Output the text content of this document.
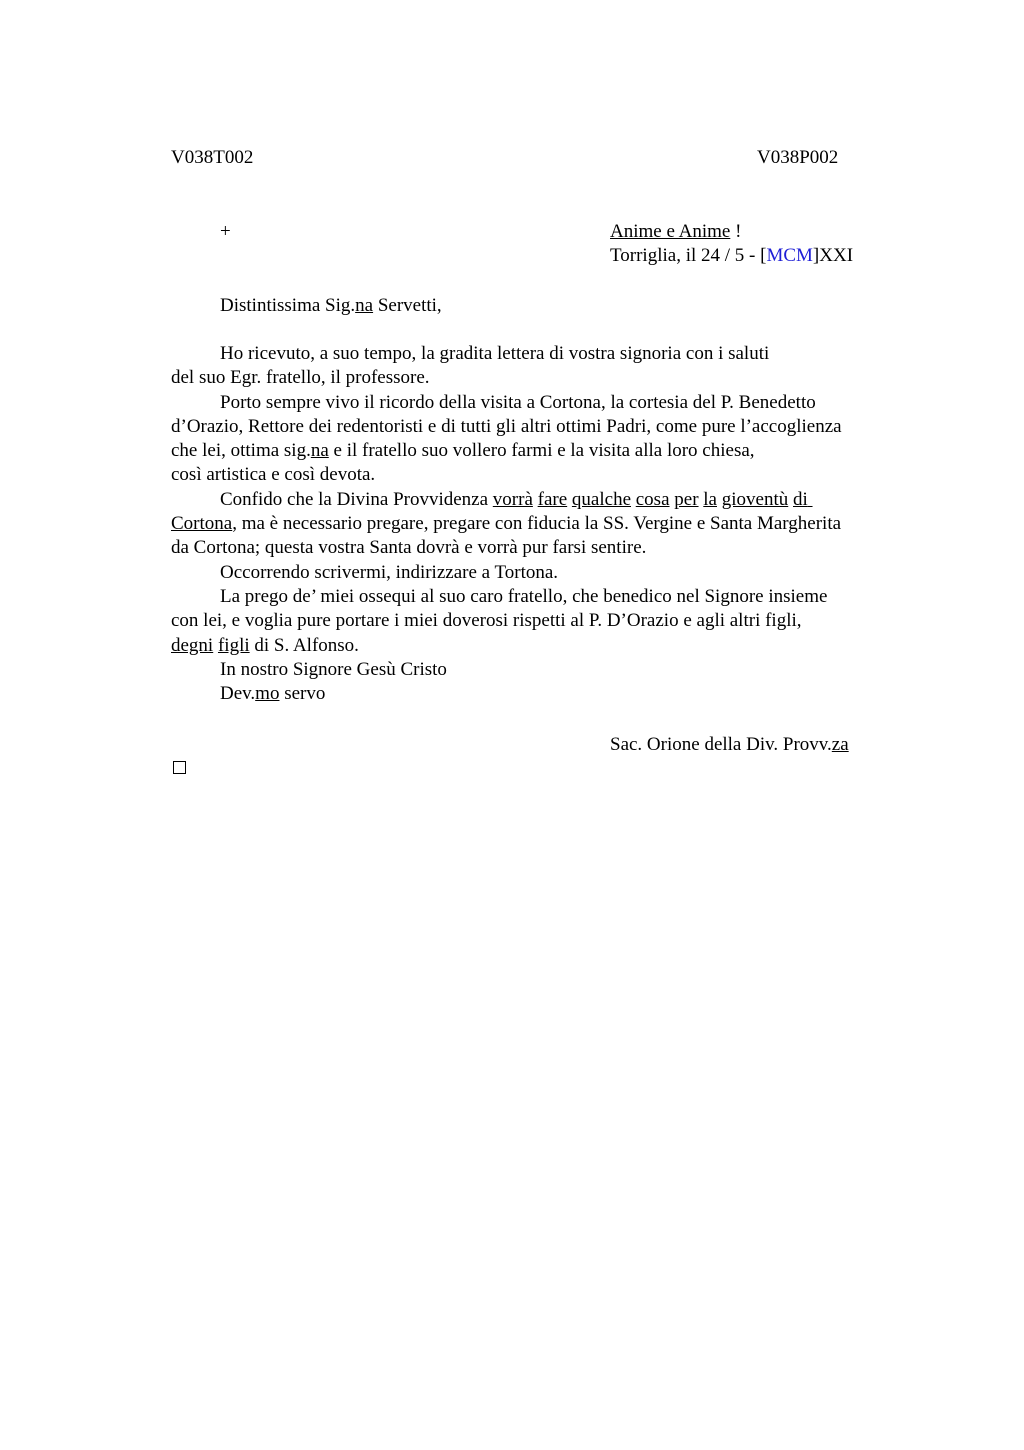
V038T002	V038P002
+	Anime e Anime !
Torriglia, il 24 / 5 - [MCM]XXI
Distintissima Sig.na Servetti,
Ho ricevuto, a suo tempo, la gradita lettera di vostra signoria con i saluti
del suo Egr. fratello, il professore.
Porto sempre vivo il ricordo della visita a Cortona, la cortesia del P. Benedetto
d’Orazio, Rettore dei redentoristi e di tutti gli altri ottimi Padri, come pure l’accoglienza
che lei, ottima sig.na e il fratello suo vollero farmi e la visita alla loro chiesa,
così artistica e così devota.
Confido che la Divina Provvidenza vorrà fare qualche cosa per la gioventù di
Cortona, ma è necessario pregare, pregare con fiducia la SS. Vergine e Santa Margherita
da Cortona; questa vostra Santa dovrà e vorrà pur farsi sentire.
Occorrendo scrivermi, indirizzare a Tortona.
La prego de’ miei ossequi al suo caro fratello, che benedico nel Signore insieme
con lei, e voglia pure portare i miei doverosi rispetti al P. D’Orazio e agli altri figli,
degni figli di S. Alfonso.
In nostro Signore Gesù Cristo
Dev.mo servo
Sac. Orione della Div. Provv.za
